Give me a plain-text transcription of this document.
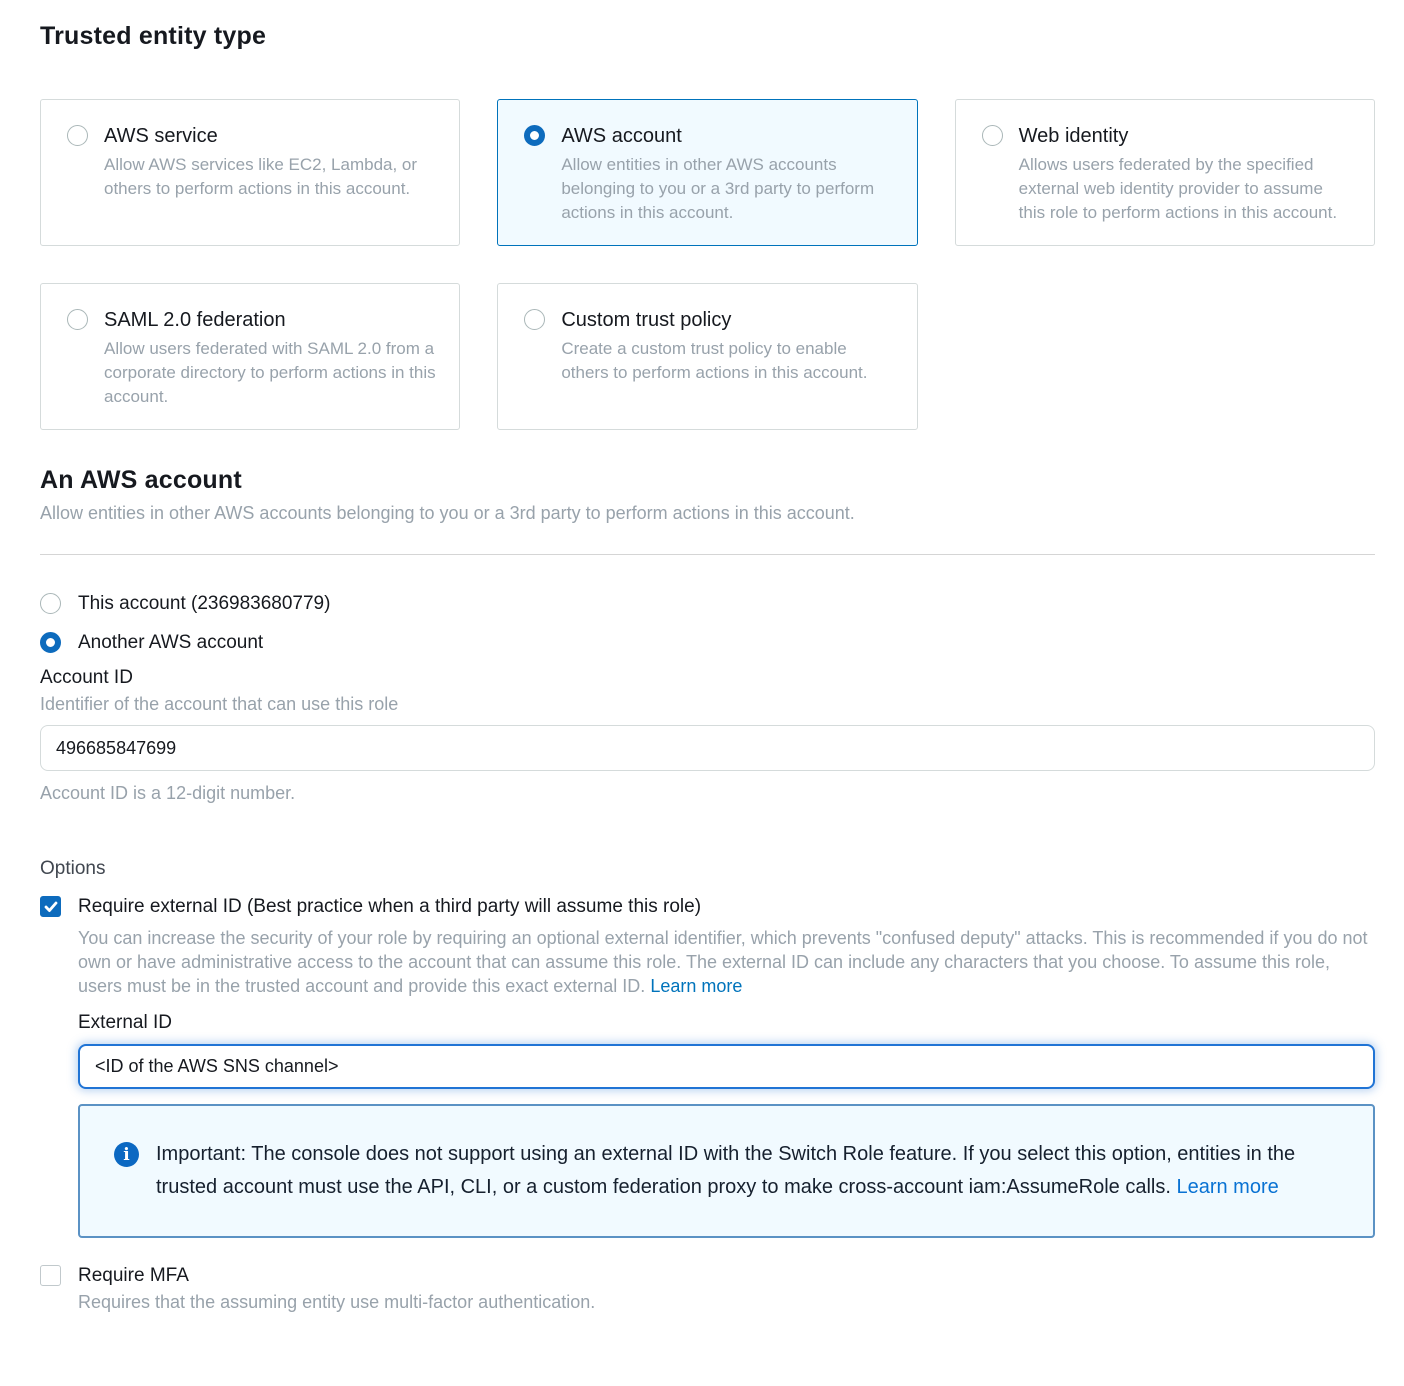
Trusted entity type
AWS service
Allow AWS services like EC2, Lambda, or others to perform actions in this account.
AWS account
Allow entities in other AWS accounts belonging to you or a 3rd party to perform actions in this account.
Web identity
Allows users federated by the specified external web identity provider to assume this role to perform actions in this account.
SAML 2.0 federation
Allow users federated with SAML 2.0 from a corporate directory to perform actions in this account.
Custom trust policy
Create a custom trust policy to enable others to perform actions in this account.
An AWS account
Allow entities in other AWS accounts belonging to you or a 3rd party to perform actions in this account.
This account (236983680779)
Another AWS account
Account ID
Identifier of the account that can use this role
496685847699
Account ID is a 12-digit number.
Options
Require external ID (Best practice when a third party will assume this role)
You can increase the security of your role by requiring an optional external identifier, which prevents "confused deputy" attacks. This is recommended if you do not own or have administrative access to the account that can assume this role. The external ID can include any characters that you choose. To assume this role, users must be in the trusted account and provide this exact external ID. Learn more
External ID
<ID of the AWS SNS channel>
i	Important: The console does not support using an external ID with the Switch Role feature. If you select this option, entities in the trusted account must use the API, CLI, or a custom federation proxy to make cross-account iam:AssumeRole calls. Learn more
Require MFA
Requires that the assuming entity use multi-factor authentication.
